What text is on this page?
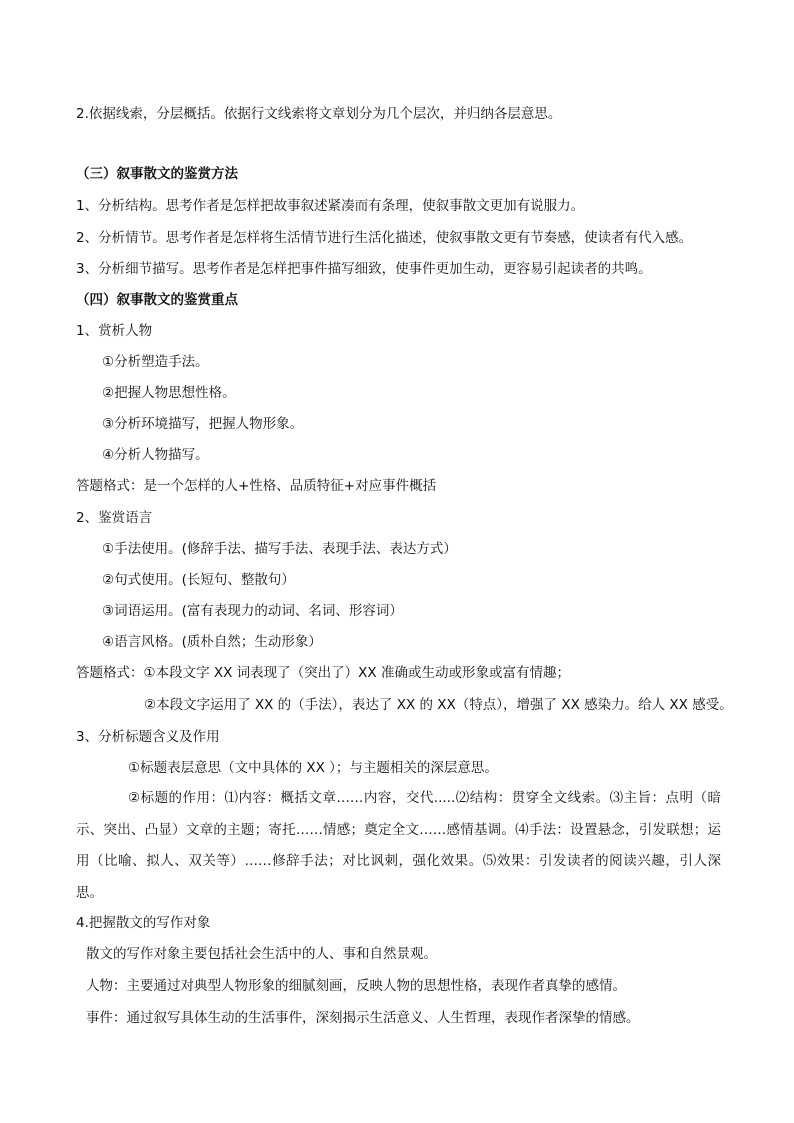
2.依据线索，分层概括。依据行文线索将文章划分为几个层次，并归纳各层意思。
（三）叙事散文的鉴赏方法
1、分析结构。思考作者是怎样把故事叙述紧凑而有条理，使叙事散文更加有说服力。
2、分析情节。思考作者是怎样将生活情节进行生活化描述，使叙事散文更有节奏感，使读者有代入感。
3、分析细节描写。思考作者是怎样把事件描写细致，使事件更加生动，更容易引起读者的共鸣。
（四）叙事散文的鉴赏重点
1、赏析人物
①分析塑造手法。
②把握人物思想性格。
③分析环境描写，把握人物形象。
④分析人物描写。
答题格式：是一个怎样的人+性格、品质特征+对应事件概括
2、鉴赏语言
①手法使用。(修辞手法、描写手法、表现手法、表达方式）
②句式使用。(长短句、整散句）
③词语运用。(富有表现力的动词、名词、形容词）
④语言风格。(质朴自然；生动形象）
答题格式：①本段文字 XX 词表现了（突出了）XX 准确或生动或形象或富有情趣；
②本段文字运用了 XX 的（手法），表达了 XX 的 XX（特点），增强了 XX 感染力。给人 XX 感受。
3、分析标题含义及作用
①标题表层意思（文中具体的 XX ）；与主题相关的深层意思。
②标题的作用：⑴内容：概括文章……内容，交代.....⑵结构：贯穿全文线索。⑶主旨：点明（暗示、突出、凸显）文章的主题；寄托……情感；奠定全文……感情基调。⑷手法：设置悬念，引发联想；运用（比喻、拟人、双关等）……修辞手法；对比讽刺，强化效果。⑸效果：引发读者的阅读兴趣，引人深思。
4.把握散文的写作对象
散文的写作对象主要包括社会生活中的人、事和自然景观。
人物：主要通过对典型人物形象的细腻刻画，反映人物的思想性格，表现作者真挚的感情。
事件：通过叙写具体生动的生活事件，深刻揭示生活意义、人生哲理，表现作者深挚的情感。
